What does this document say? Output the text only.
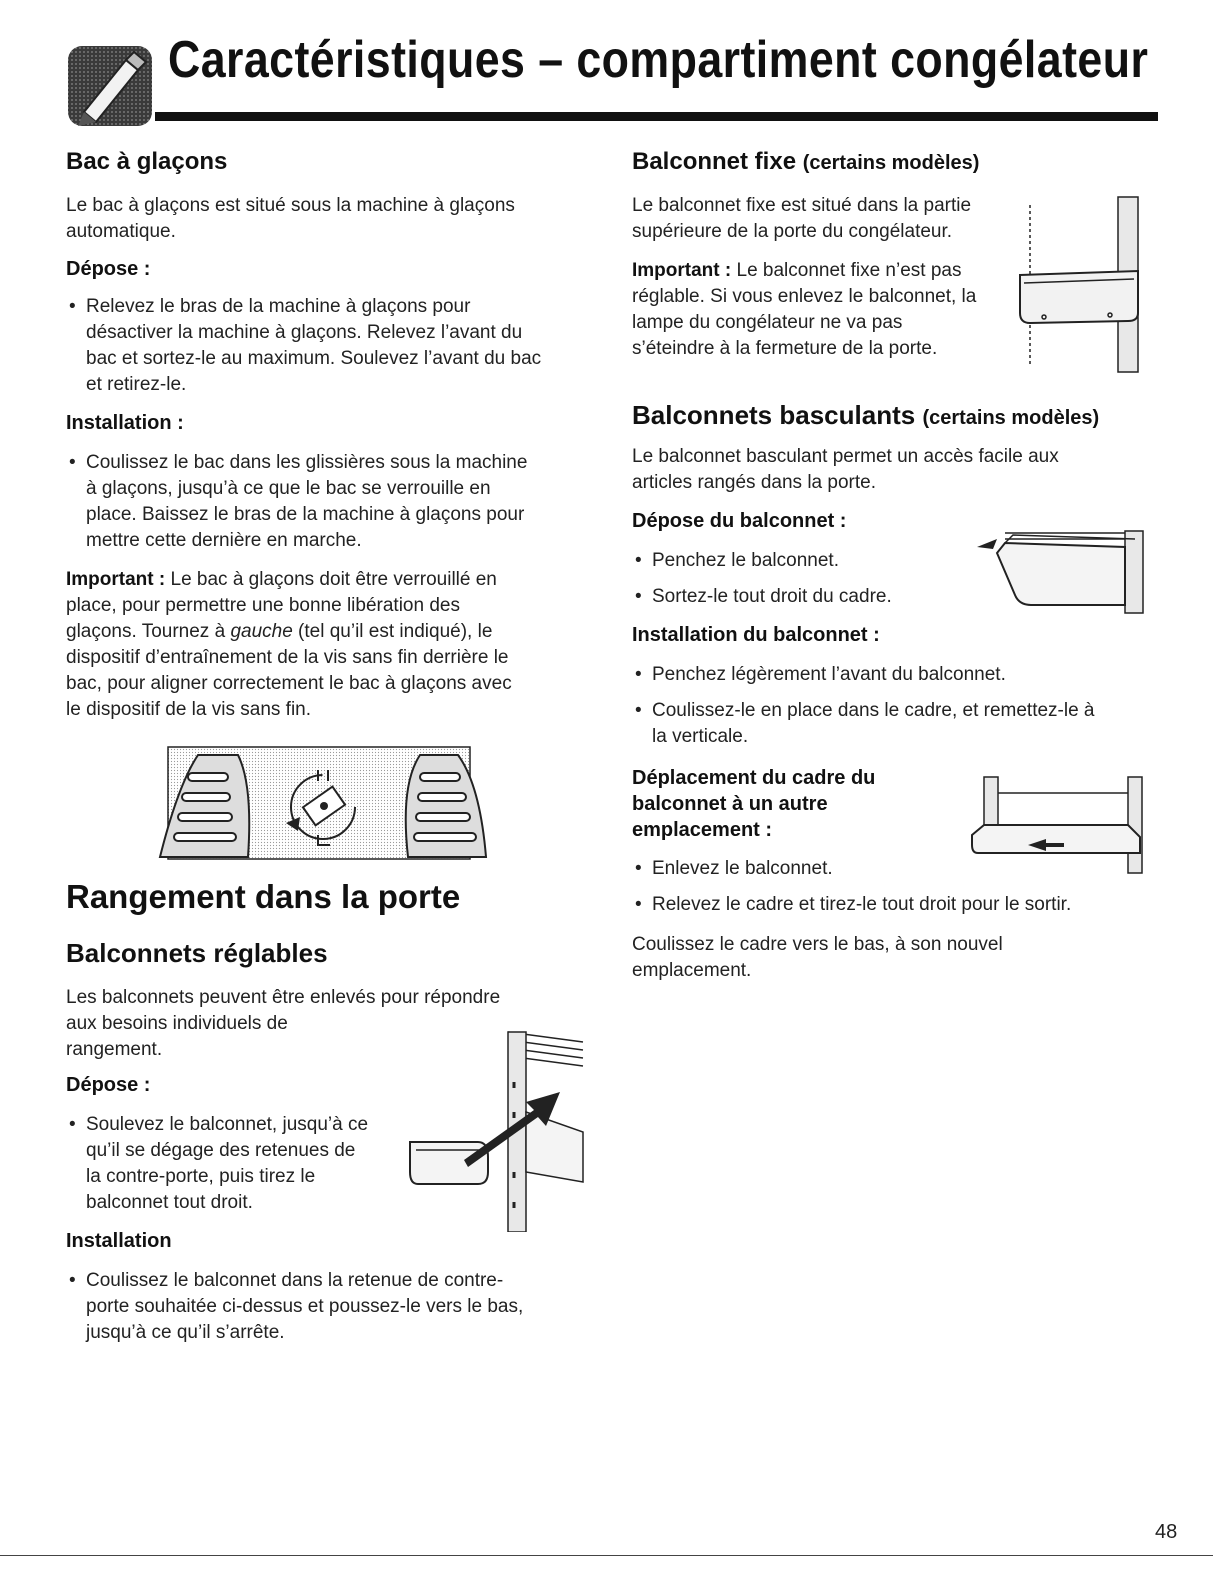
Caractéristiques – compartiment congélateur
Bac à glaçons
Le bac à glaçons est situé sous la machine à glaçons
automatique.
Dépose :
• Relevez le bras de la machine à glaçons pour
désactiver la machine à glaçons. Relevez l’avant du
bac et sortez-le au maximum. Soulevez l’avant du bac
et retirez-le.
Installation :
• Coulissez le bac dans les glissières sous la machine
à glaçons, jusqu’à ce que le bac se verrouille en
place. Baissez le bras de la machine à glaçons pour
mettre cette dernière en marche.
Important : Le bac à glaçons doit être verrouillé en
place, pour permettre une bonne libération des
glaçons. Tournez à gauche (tel qu’il est indiqué), le
dispositif d’entraînement de la vis sans fin derrière le
bac, pour aligner correctement le bac à glaçons avec
le dispositif de la vis sans fin.
Rangement dans la porte
Balconnets réglables
Les balconnets peuvent être enlevés pour répondre
aux besoins individuels de
rangement.
Dépose :
• Soulevez le balconnet, jusqu’à ce
qu’il se dégage des retenues de
la contre-porte, puis tirez le
balconnet tout droit.
Installation
• Coulissez le balconnet dans la retenue de contre-
porte souhaitée ci-dessus et poussez-le vers le bas,
jusqu’à ce qu’il s’arrête.
Balconnet fixe (certains modèles)
Le balconnet fixe est situé dans la partie
supérieure de la porte du congélateur.
Important : Le balconnet fixe n’est pas
réglable. Si vous enlevez le balconnet, la
lampe du congélateur ne va pas
s’éteindre à la fermeture de la porte.
Balconnets basculants (certains modèles)
Le balconnet basculant permet un accès facile aux
articles rangés dans la porte.
Dépose du balconnet :
• Penchez le balconnet.
• Sortez-le tout droit du cadre.
Installation du balconnet :
• Penchez légèrement l’avant du balconnet.
• Coulissez-le en place dans le cadre, et remettez-le à
la verticale.
Déplacement du cadre du
balconnet à un autre
emplacement :
• Enlevez le balconnet.
• Relevez le cadre et tirez-le tout droit pour le sortir.
Coulissez le cadre vers le bas, à son nouvel
emplacement.
48
